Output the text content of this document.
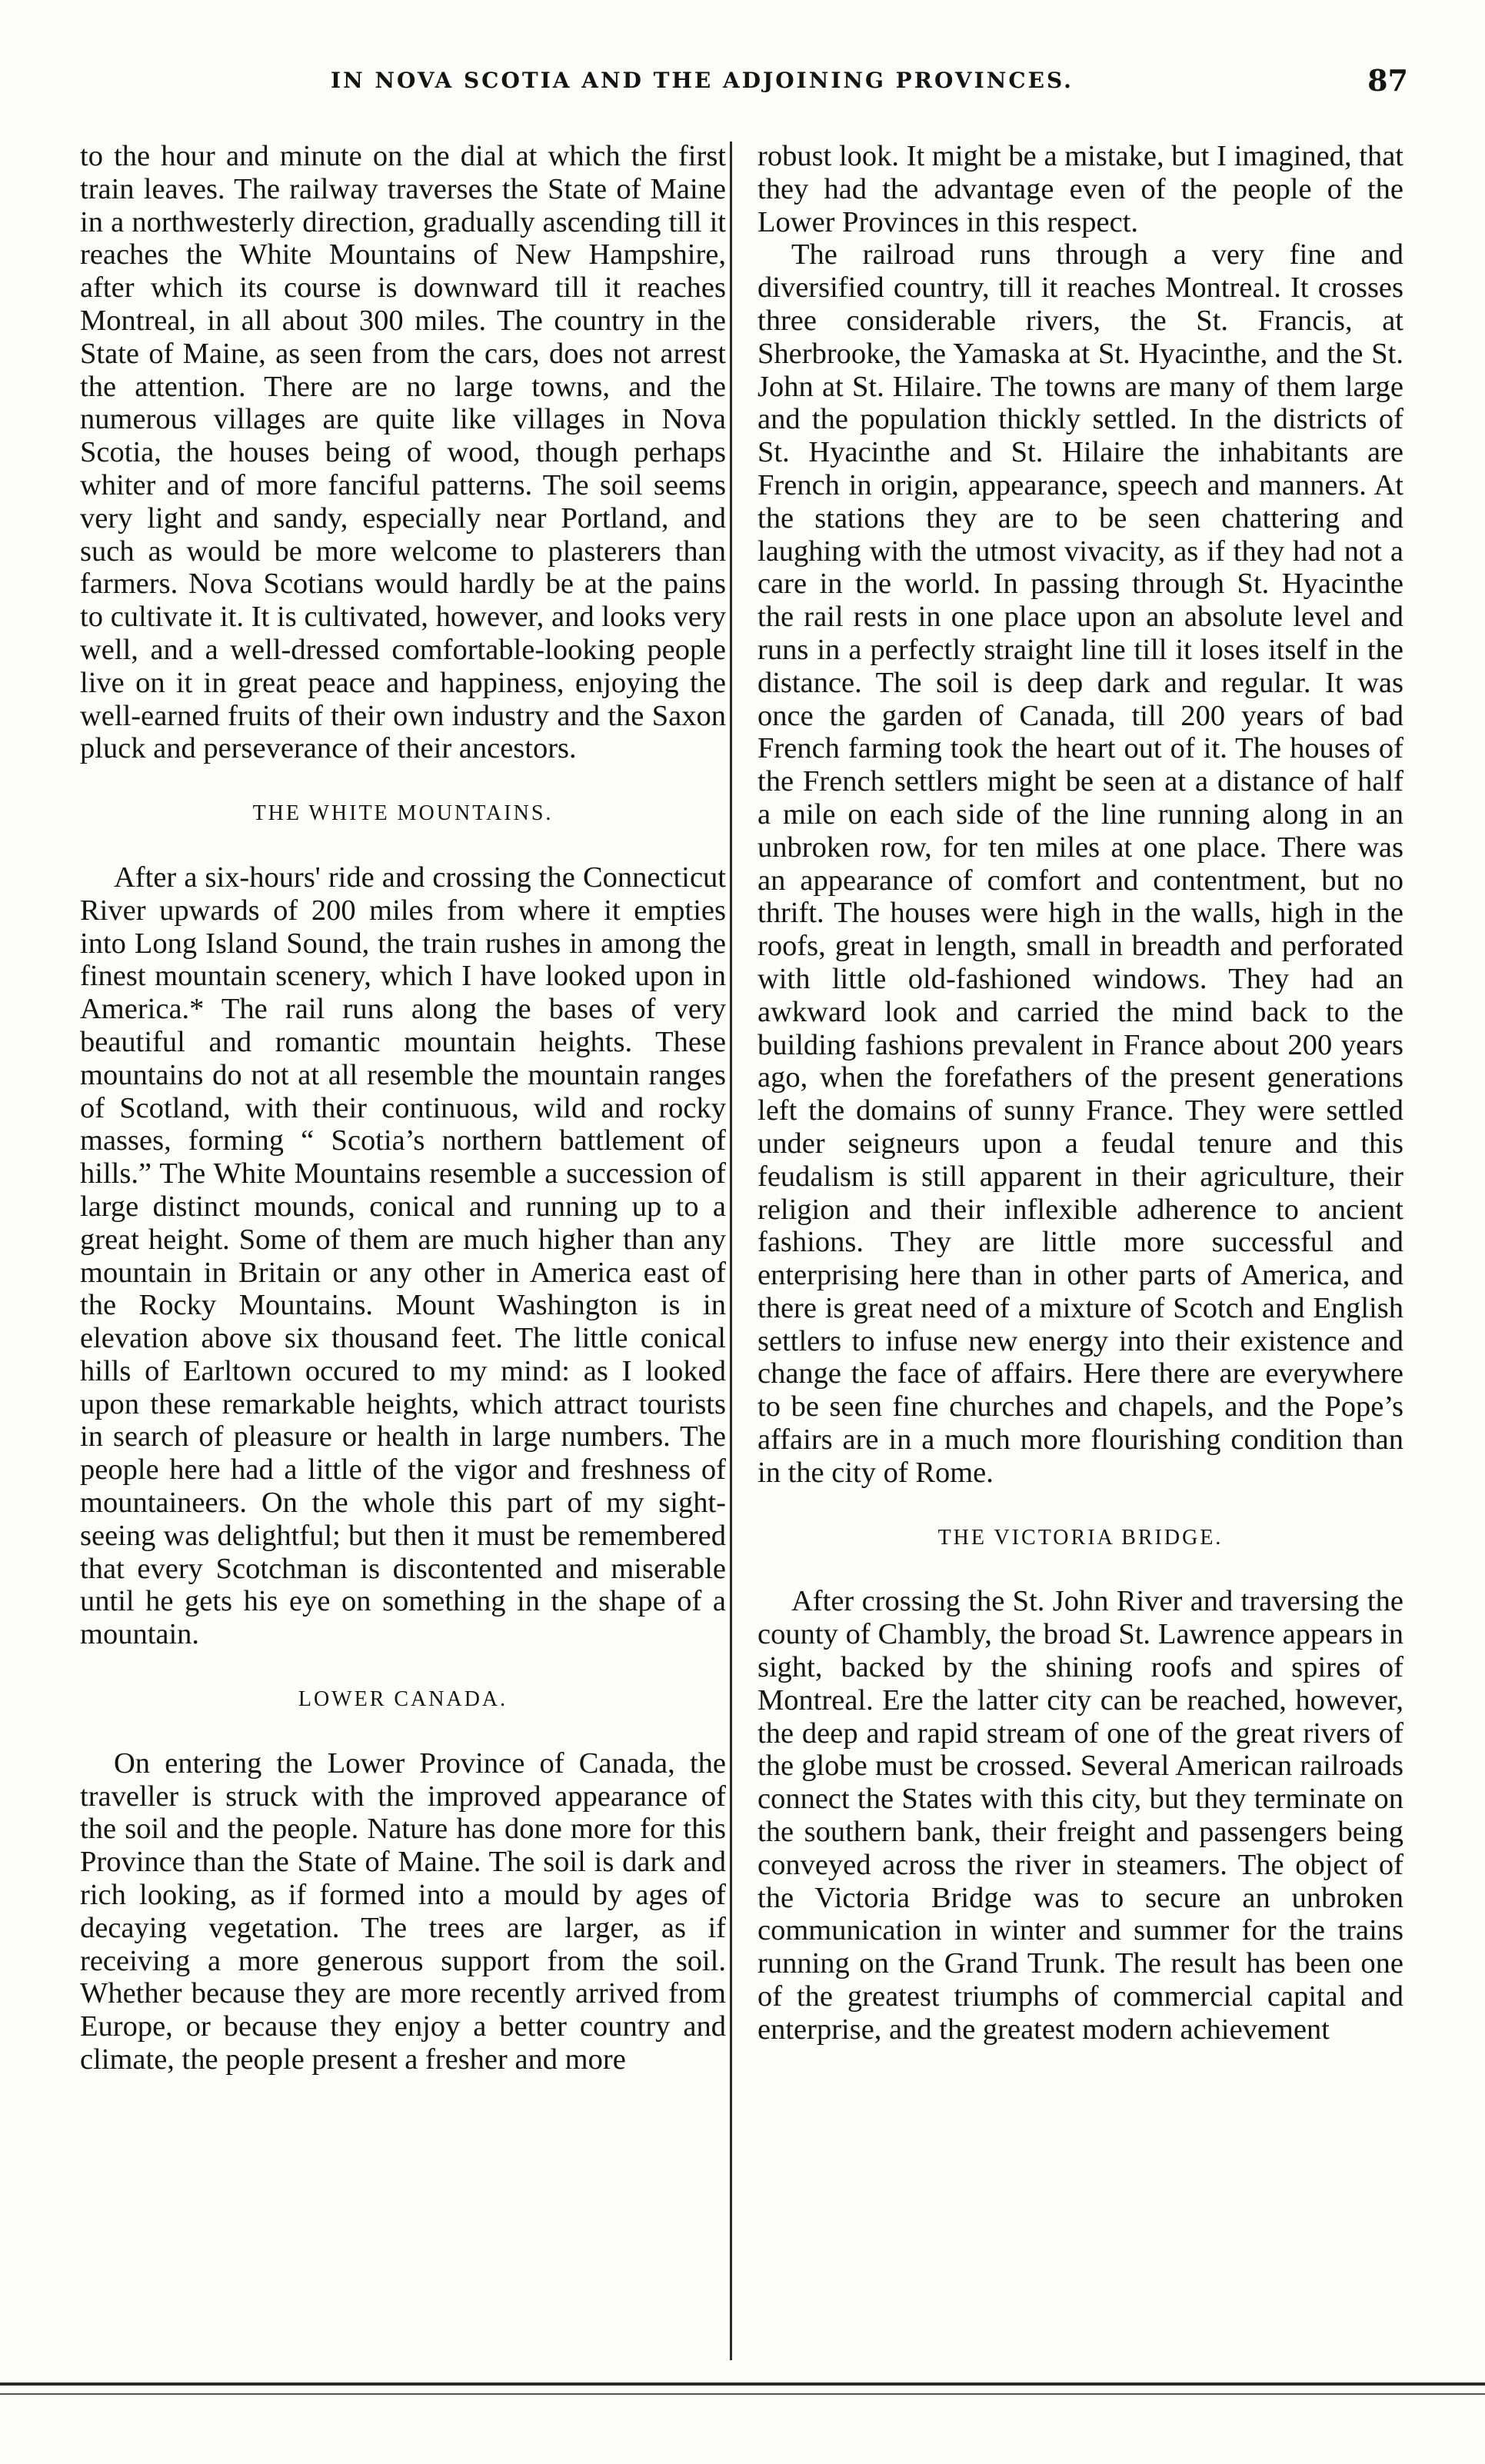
IN NOVA SCOTIA AND THE ADJOINING PROVINCES.	87

to the hour and minute on the dial at which the first train leaves. The railway traverses the State of Maine in a northwesterly direction, gradually ascending till it reaches the White Mountains of New Hampshire, after which its course is downward till it reaches Montreal, in all about 300 miles. The country in the State of Maine, as seen from the cars, does not arrest the attention. There are no large towns, and the numerous villages are quite like villages in Nova Scotia, the houses being of wood, though perhaps whiter and of more fanciful patterns. The soil seems very light and sandy, especially near Portland, and such as would be more welcome to plasterers than farmers. Nova Scotians would hardly be at the pains to cultivate it. It is cultivated, however, and looks very well, and a well-dressed comfortable-looking people live on it in great peace and happiness, enjoying the well-earned fruits of their own industry and the Saxon pluck and perseverance of their ancestors.

THE WHITE MOUNTAINS.

After a six-hours' ride and crossing the Connecticut River upwards of 200 miles from where it empties into Long Island Sound, the train rushes in among the finest mountain scenery, which I have looked upon in America.* The rail runs along the bases of very beautiful and romantic mountain heights. These mountains do not at all resemble the mountain ranges of Scotland, with their continuous, wild and rocky masses, forming “ Scotia’s northern battlement of hills.” The White Mountains resemble a succession of large distinct mounds, conical and running up to a great height. Some of them are much higher than any mountain in Britain or any other in America east of the Rocky Mountains. Mount Washington is in elevation above six thousand feet. The little conical hills of Earltown occured to my mind: as I looked upon these remarkable heights, which attract tourists in search of pleasure or health in large numbers. The people here had a little of the vigor and freshness of mountaineers. On the whole this part of my sight-seeing was delightful; but then it must be remembered that every Scotchman is discontented and miserable until he gets his eye on something in the shape of a mountain.

LOWER CANADA.

On entering the Lower Province of Canada, the traveller is struck with the improved appearance of the soil and the people. Nature has done more for this Province than the State of Maine. The soil is dark and rich looking, as if formed into a mould by ages of decaying vegetation. The trees are larger, as if receiving a more generous support from the soil. Whether because they are more recently arrived from Europe, or because they enjoy a better country and climate, the people present a fresher and more

robust look. It might be a mistake, but I imagined, that they had the advantage even of the people of the Lower Provinces in this respect.

The railroad runs through a very fine and diversified country, till it reaches Montreal. It crosses three considerable rivers, the St. Francis, at Sherbrooke, the Yamaska at St. Hyacinthe, and the St. John at St. Hilaire. The towns are many of them large and the population thickly settled. In the districts of St. Hyacinthe and St. Hilaire the inhabitants are French in origin, appearance, speech and manners. At the stations they are to be seen chattering and laughing with the utmost vivacity, as if they had not a care in the world. In passing through St. Hyacinthe the rail rests in one place upon an absolute level and runs in a perfectly straight line till it loses itself in the distance. The soil is deep dark and regular. It was once the garden of Canada, till 200 years of bad French farming took the heart out of it. The houses of the French settlers might be seen at a distance of half a mile on each side of the line running along in an unbroken row, for ten miles at one place. There was an appearance of comfort and contentment, but no thrift. The houses were high in the walls, high in the roofs, great in length, small in breadth and perforated with little old-fashioned windows. They had an awkward look and carried the mind back to the building fashions prevalent in France about 200 years ago, when the forefathers of the present generations left the domains of sunny France. They were settled under seigneurs upon a feudal tenure and this feudalism is still apparent in their agriculture, their religion and their inflexible adherence to ancient fashions. They are little more successful and enterprising here than in other parts of America, and there is great need of a mixture of Scotch and English settlers to infuse new energy into their existence and change the face of affairs. Here there are everywhere to be seen fine churches and chapels, and the Pope’s affairs are in a much more flourishing condition than in the city of Rome.

THE VICTORIA BRIDGE.

After crossing the St. John River and traversing the county of Chambly, the broad St. Lawrence appears in sight, backed by the shining roofs and spires of Montreal. Ere the latter city can be reached, however, the deep and rapid stream of one of the great rivers of the globe must be crossed. Several American railroads connect the States with this city, but they terminate on the southern bank, their freight and passengers being conveyed across the river in steamers. The object of the Victoria Bridge was to secure an unbroken communication in winter and summer for the trains running on the Grand Trunk. The result has been one of the greatest triumphs of commercial capital and enterprise, and the greatest modern achievement
